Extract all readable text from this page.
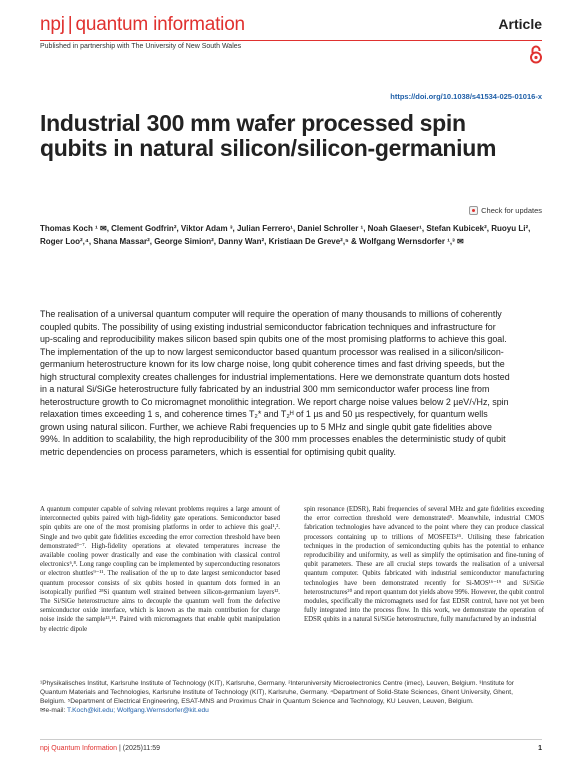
npj | quantum information	Article
Published in partnership with The University of New South Wales
https://doi.org/10.1038/s41534-025-01016-x
Industrial 300 mm wafer processed spin qubits in natural silicon/silicon-germanium
Check for updates
Thomas Koch ¹ ✉, Clement Godfrin², Viktor Adam ³, Julian Ferrero¹, Daniel Schroller ¹, Noah Glaeser¹, Stefan Kubicek², Ruoyu Li², Roger Loo²,⁴, Shana Massar², George Simion², Danny Wan², Kristiaan De Greve²,⁵ & Wolfgang Wernsdorfer ¹,³ ✉

The realisation of a universal quantum computer will require the operation of many thousands to millions of coherently coupled qubits. The possibility of using existing industrial semiconductor fabrication techniques and infrastructure for up-scaling and reproducibility makes silicon based spin qubits one of the most promising platforms to achieve this goal. The implementation of the up to now largest semiconductor based quantum processor was realised in a silicon/silicon-germanium heterostructure known for its low charge noise, long qubit coherence times and fast driving speeds, but the high structural complexity creates challenges for industrial implementations. Here we demonstrate quantum dots hosted in a natural Si/SiGe heterostructure fully fabricated by an industrial 300 mm semiconductor wafer process line from heterostructure growth to Co micromagnet monolithic integration. We report charge noise values below 2 µeV/√Hz, spin relaxation times exceeding 1 s, and coherence times T₂* and T₂ᴴ of 1 µs and 50 µs respectively, for quantum wells grown using natural silicon. Further, we achieve Rabi frequencies up to 5 MHz and single qubit gate fidelities above 99%. In addition to scalability, the high reproducibility of the 300 mm processes enables the deterministic study of qubit metric dependencies on process parameters, which is essential for optimising qubit quality.

A quantum computer capable of solving relevant problems requires a large amount of interconnected qubits paired with high-fidelity gate operations. Semiconductor based spin qubits are one of the most promising platforms in order to achieve this goal¹,². Single and two qubit gate fidelities exceeding the error correction threshold have been demonstrated³⁻⁷. High-fidelity operations at elevated temperatures increase the available cooling power drastically and ease the combination with classical control electronics⁶,⁸. Long range coupling can be implemented by superconducting resonators or electron shuttles⁹⁻¹¹. The realisation of the up to date largest semiconductor based quantum processor consists of six qubits hosted in quantum dots formed in an isotopically purified ²⁸Si quantum well strained between silicon-germanium layers¹². The Si/SiGe heterostructure aims to decouple the quantum well from the defective semiconductor oxide interface, which is known as the main contribution for charge noise inside the sample¹³,¹⁴. Paired with micromagnets that enable qubit manipulation by electric dipole

spin resonance (EDSR), Rabi frequencies of several MHz and gate fidelities exceeding the error correction threshold were demonstrated⁵. Meanwhile, industrial CMOS fabrication technologies have advanced to the point where they can produce classical processors containing up to trillions of MOSFETs¹⁵. Utilising these fabrication techniques in the production of semiconducting qubits has the potential to enhance reproducibility and uniformity, as well as simplify the optimisation and fine-tuning of qubit parameters. These are all crucial steps towards the realisation of a universal quantum computer. Qubits fabricated with industrial semiconductor manufacturing technologies have been demonstrated recently for Si-MOS¹⁶⁻¹⁹ and Si/SiGe heterostructures²⁰ and report quantum dot yields above 99%. However, the qubit control modules, specifically the micromagnets used for fast EDSR control, have not yet been fully integrated into the process flow. In this work, we demonstrate the operation of EDSR qubits in a natural Si/SiGe heterostructure, fully manufactured by an industrial

¹Physikalisches Institut, Karlsruhe Institute of Technology (KIT), Karlsruhe, Germany. ²Interuniversity Microelectronics Centre (imec), Leuven, Belgium. ³Institute for Quantum Materials and Technologies, Karlsruhe Institute of Technology (KIT), Karlsruhe, Germany. ⁴Department of Solid-State Sciences, Ghent University, Ghent, Belgium. ⁵Department of Electrical Engineering, ESAT-MNS and Proximus Chair in Quantum Science and Technology, KU Leuven, Leuven, Belgium.
✉e-mail: T.Koch@kit.edu; Wolfgang.Wernsdorfer@kit.edu
npj Quantum Information | (2025)11:59	1
